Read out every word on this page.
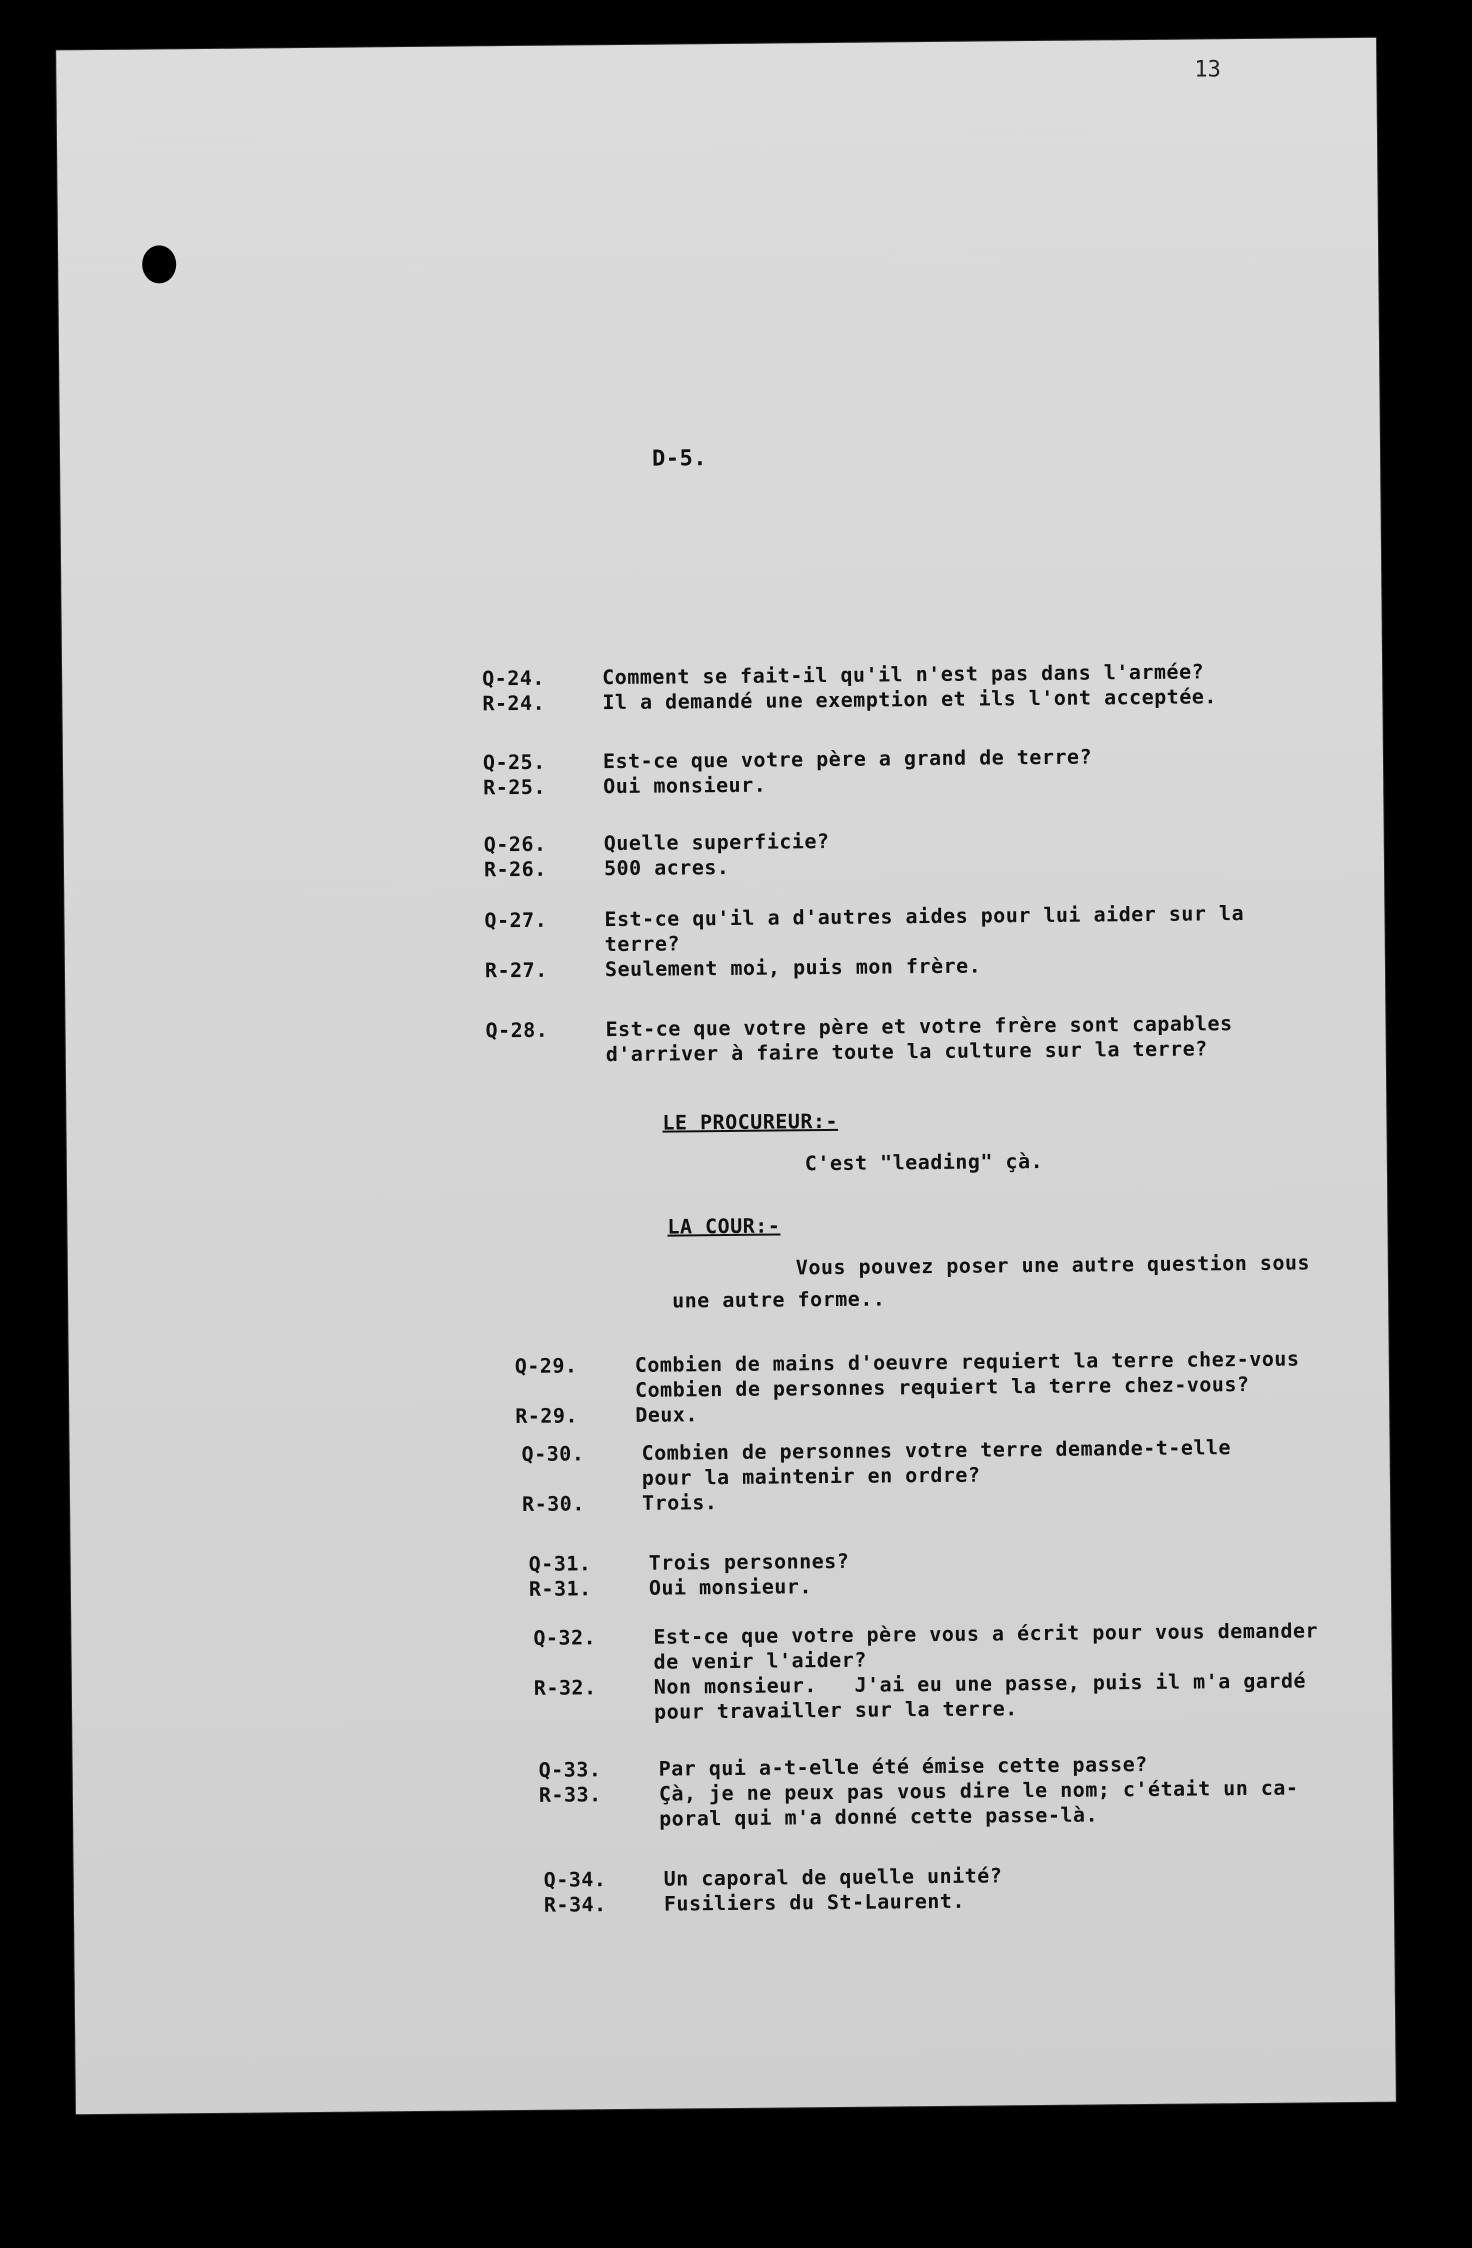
13
D-5.
Q-24.	Comment se fait-il qu'il n'est pas dans l'armée?
R-24.	Il a demandé une exemption et ils l'ont acceptée.
Q-25.	Est-ce que votre père a grand de terre?
R-25.	Oui monsieur.
Q-26.	Quelle superficie?
R-26.	500 acres.
Q-27.	Est-ce qu'il a d'autres aides pour lui aider sur la
terre?
R-27.	Seulement moi, puis mon frère.
Q-28.	Est-ce que votre père et votre frère sont capables
d'arriver à faire toute la culture sur la terre?
LE PROCUREUR:-
C'est "leading" çà.
LA COUR:-
Vous pouvez poser une autre question sous
une autre forme..
Q-29.	Combien de mains d'oeuvre requiert la terre chez-vous
Combien de personnes requiert la terre chez-vous?
R-29.	Deux.
Q-30.	Combien de personnes votre terre demande-t-elle
pour la maintenir en ordre?
R-30.	Trois.
Q-31.	Trois personnes?
R-31.	Oui monsieur.
Q-32.	Est-ce que votre père vous a écrit pour vous demander
de venir l'aider?
R-32.	Non monsieur.   J'ai eu une passe, puis il m'a gardé
pour travailler sur la terre.
Q-33.	Par qui a-t-elle été émise cette passe?
R-33.	Çà, je ne peux pas vous dire le nom; c'était un ca-
poral qui m'a donné cette passe-là.
Q-34.	Un caporal de quelle unité?
R-34.	Fusiliers du St-Laurent.
